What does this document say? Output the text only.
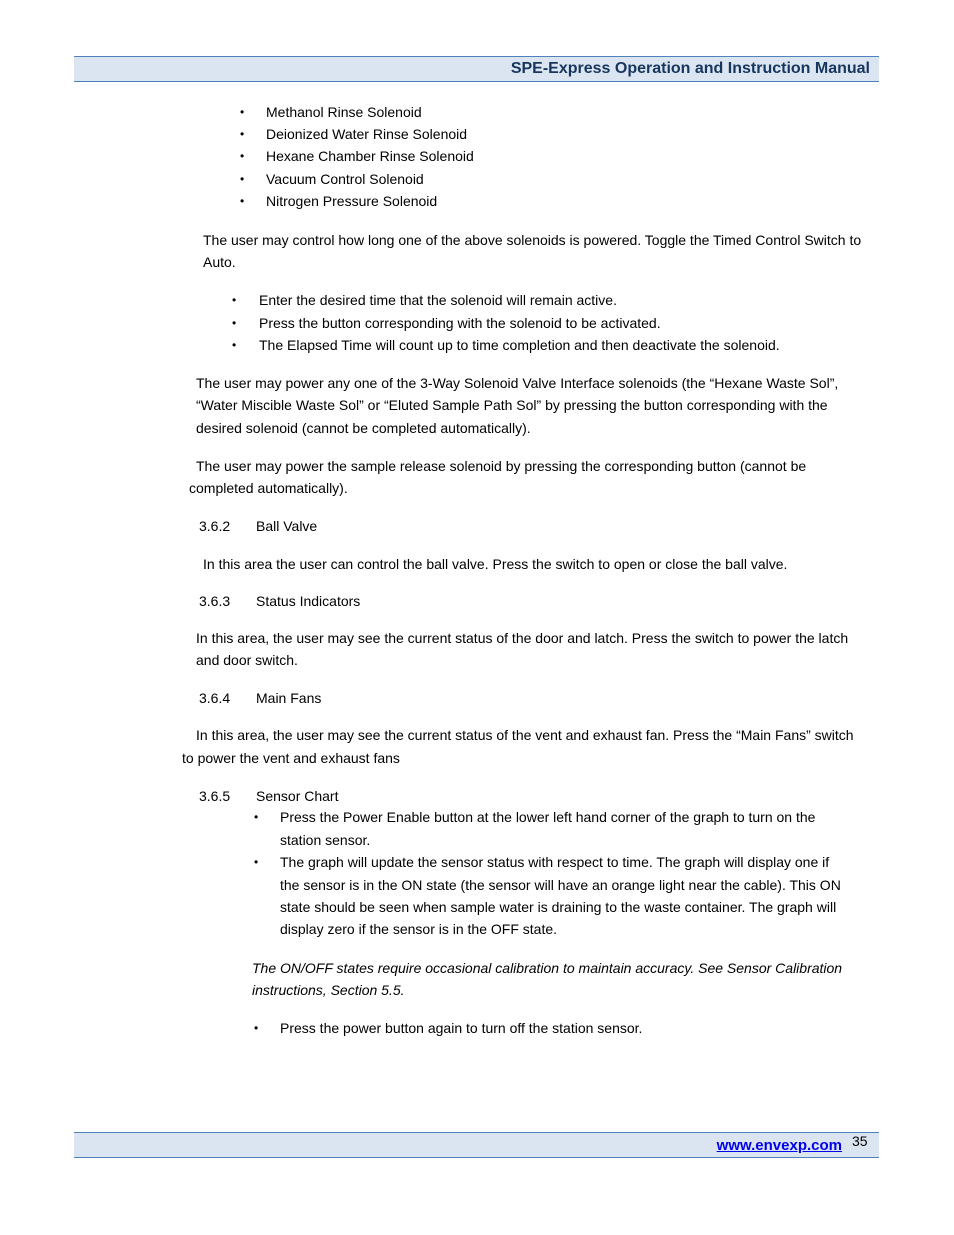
SPE-Express Operation and Instruction Manual
• Methanol Rinse Solenoid
• Deionized Water Rinse Solenoid
• Hexane Chamber Rinse Solenoid
• Vacuum Control Solenoid
• Nitrogen Pressure Solenoid
The user may control how long one of the above solenoids is powered. Toggle the Timed Control Switch to
Auto.
• Enter the desired time that the solenoid will remain active.
• Press the button corresponding with the solenoid to be activated.
• The Elapsed Time will count up to time completion and then deactivate the solenoid.
The user may power any one of the 3-Way Solenoid Valve Interface solenoids (the “Hexane Waste Sol”,
“Water Miscible Waste Sol” or “Eluted Sample Path Sol” by pressing the button corresponding with the
desired solenoid (cannot be completed automatically).
The user may power the sample release solenoid by pressing the corresponding button (cannot be
completed automatically).
3.6.2 Ball Valve
In this area the user can control the ball valve. Press the switch to open or close the ball valve.
3.6.3 Status Indicators
In this area, the user may see the current status of the door and latch. Press the switch to power the latch
and door switch.
3.6.4 Main Fans
In this area, the user may see the current status of the vent and exhaust fan. Press the “Main Fans” switch
to power the vent and exhaust fans
3.6.5 Sensor Chart
• Press the Power Enable button at the lower left hand corner of the graph to turn on the
station sensor.
• The graph will update the sensor status with respect to time. The graph will display one if
the sensor is in the ON state (the sensor will have an orange light near the cable). This ON
state should be seen when sample water is draining to the waste container. The graph will
display zero if the sensor is in the OFF state.
The ON/OFF states require occasional calibration to maintain accuracy. See Sensor Calibration
instructions, Section 5.5.
• Press the power button again to turn off the station sensor.
www.envexp.com 35
